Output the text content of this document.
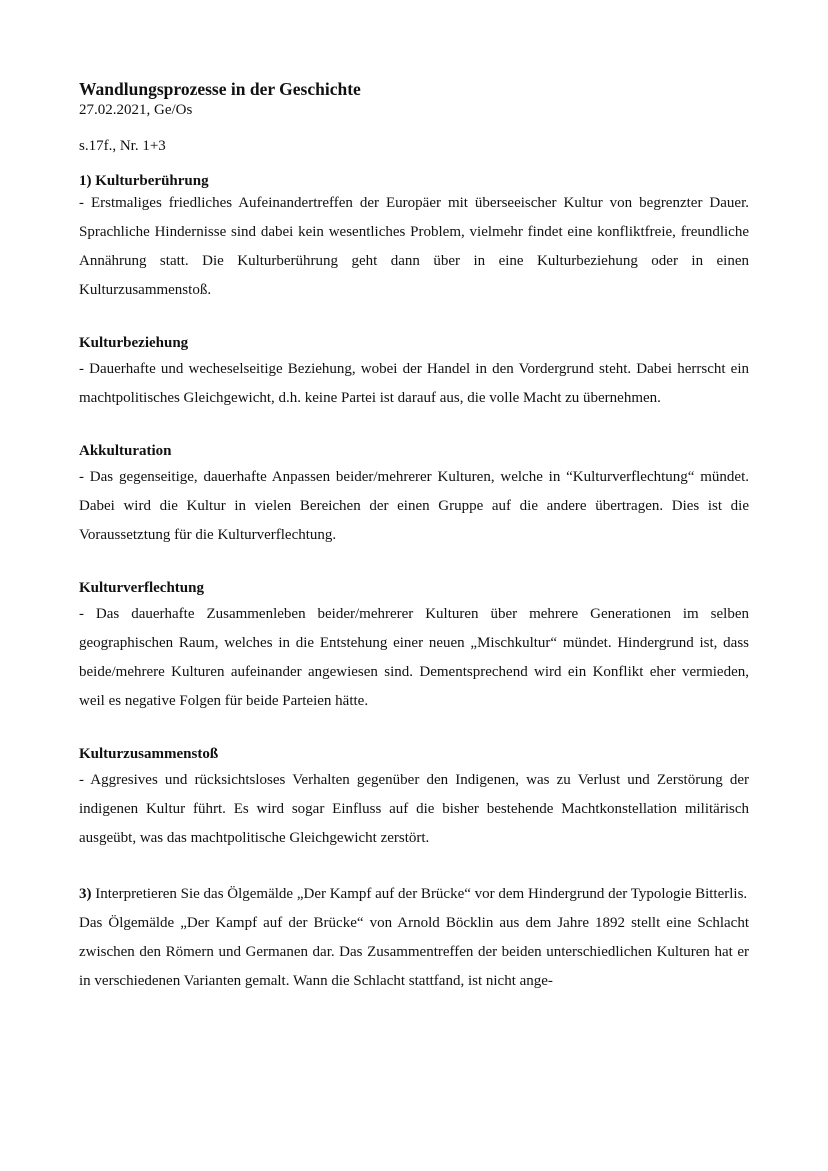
Wandlungsprozesse in der Geschichte

27.02.2021, Ge/Os

s.17f., Nr. 1+3

1) Kulturberührung

- Erstmaliges friedliches Aufeinandertreffen der Europäer mit überseeischer Kultur von begrenzter Dauer. Sprachliche Hindernisse sind dabei kein wesentliches Problem, vielmehr findet eine konfliktfreie, freundliche Annährung statt. Die Kulturberührung geht dann über in eine Kulturbeziehung oder in einen Kulturzusammenstoß.

Kulturbeziehung

- Dauerhafte und wecheselseitige Beziehung, wobei der Handel in den Vordergrund steht. Dabei herrscht ein machtpolitisches Gleichgewicht, d.h. keine Partei ist darauf aus, die volle Macht zu übernehmen.

Akkulturation

- Das gegenseitige, dauerhafte Anpassen beider/mehrerer Kulturen, welche in “Kulturverflechtung“ mündet. Dabei wird die Kultur in vielen Bereichen der einen Gruppe auf die andere übertragen. Dies ist die Voraussetztung für die Kulturverflechtung.

Kulturverflechtung

- Das dauerhafte Zusammenleben beider/mehrerer Kulturen über mehrere Generationen im selben geographischen Raum, welches in die Entstehung einer neuen „Mischkultur“ mündet. Hindergrund ist, dass beide/mehrere Kulturen aufeinander angewiesen sind. Dementsprechend wird ein Konflikt eher vermieden, weil es negative Folgen für beide Parteien hätte.

Kulturzusammenstoß

- Aggresives und rücksichtsloses Verhalten gegenüber den Indigenen, was zu Verlust und Zerstörung der indigenen Kultur führt. Es wird sogar Einfluss auf die bisher bestehende Machtkonstellation militärisch ausgeübt, was das machtpolitische Gleichgewicht zerstört.

3) Interpretieren Sie das Ölgemälde „Der Kampf auf der Brücke“ vor dem Hindergrund der Typologie Bitterlis.

Das Ölgemälde „Der Kampf auf der Brücke“ von Arnold Böcklin aus dem Jahre 1892 stellt eine Schlacht zwischen den Römern und Germanen dar. Das Zusammentreffen der beiden unterschiedlichen Kulturen hat er in verschiedenen Varianten gemalt. Wann die Schlacht stattfand, ist nicht ange-
